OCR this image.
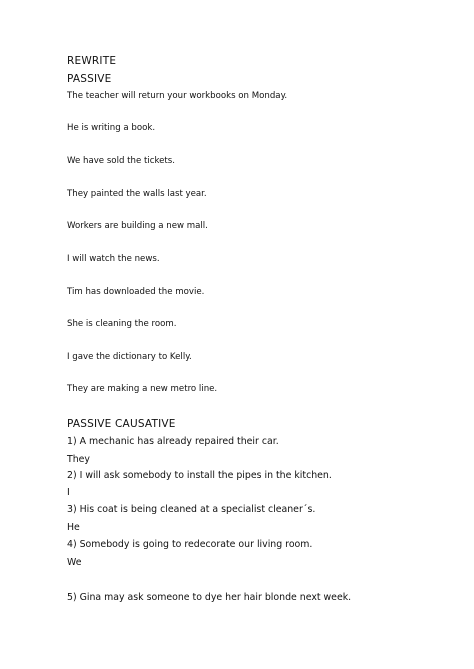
REWRITE
PASSIVE
The teacher will return your workbooks on Monday.
He is writing a book.
We have sold the tickets.
They painted the walls last year.
Workers are building a new mall.
I will watch the news.
Tim has downloaded the movie.
She is cleaning the room.
I gave the dictionary to Kelly.
They are making a new metro line.
PASSIVE CAUSATIVE
1) A mechanic has already repaired their car.
They
2) I will ask somebody to install the pipes in the kitchen.
I
3) His coat is being cleaned at a specialist cleaner´s.
He
4) Somebody is going to redecorate our living room.
We
5) Gina may ask someone to dye her hair blonde next week.
